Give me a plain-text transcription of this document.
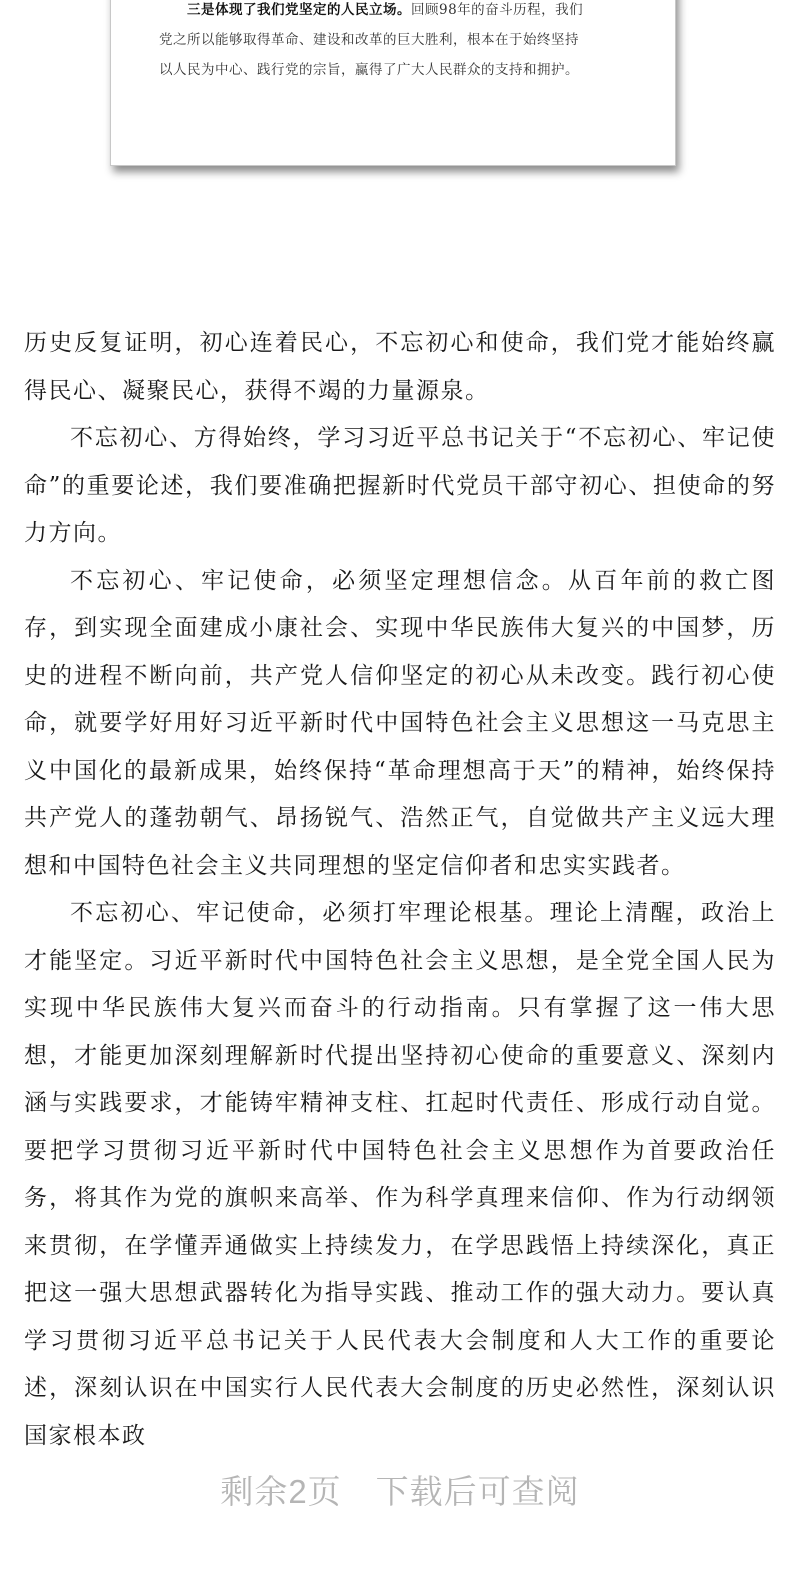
三是体现了我们党坚定的人民立场。回顾98年的奋斗历程，我们
党之所以能够取得革命、建设和改革的巨大胜利，根本在于始终坚持
以人民为中心、践行党的宗旨，赢得了广大人民群众的支持和拥护。

历史反复证明，初心连着民心，不忘初心和使命，我们党才能始终赢得民心、凝聚民心，获得不竭的力量源泉。

不忘初心、方得始终，学习习近平总书记关于“不忘初心、牢记使命”的重要论述，我们要准确把握新时代党员干部守初心、担使命的努力方向。

不忘初心、牢记使命，必须坚定理想信念。从百年前的救亡图存，到实现全面建成小康社会、实现中华民族伟大复兴的中国梦，历史的进程不断向前，共产党人信仰坚定的初心从未改变。践行初心使命，就要学好用好习近平新时代中国特色社会主义思想这一马克思主义中国化的最新成果，始终保持“革命理想高于天”的精神，始终保持共产党人的蓬勃朝气、昂扬锐气、浩然正气，自觉做共产主义远大理想和中国特色社会主义共同理想的坚定信仰者和忠实实践者。

不忘初心、牢记使命，必须打牢理论根基。理论上清醒，政治上才能坚定。习近平新时代中国特色社会主义思想，是全党全国人民为实现中华民族伟大复兴而奋斗的行动指南。只有掌握了这一伟大思想，才能更加深刻理解新时代提出坚持初心使命的重要意义、深刻内涵与实践要求，才能铸牢精神支柱、扛起时代责任、形成行动自觉。要把学习贯彻习近平新时代中国特色社会主义思想作为首要政治任务，将其作为党的旗帜来高举、作为科学真理来信仰、作为行动纲领来贯彻，在学懂弄通做实上持续发力，在学思践悟上持续深化，真正把这一强大思想武器转化为指导实践、推动工作的强大动力。要认真学习贯彻习近平总书记关于人民代表大会制度和人大工作的重要论述，深刻认识在中国实行人民代表大会制度的历史必然性，深刻认识国家根本政

剩余2页 下载后可查阅
